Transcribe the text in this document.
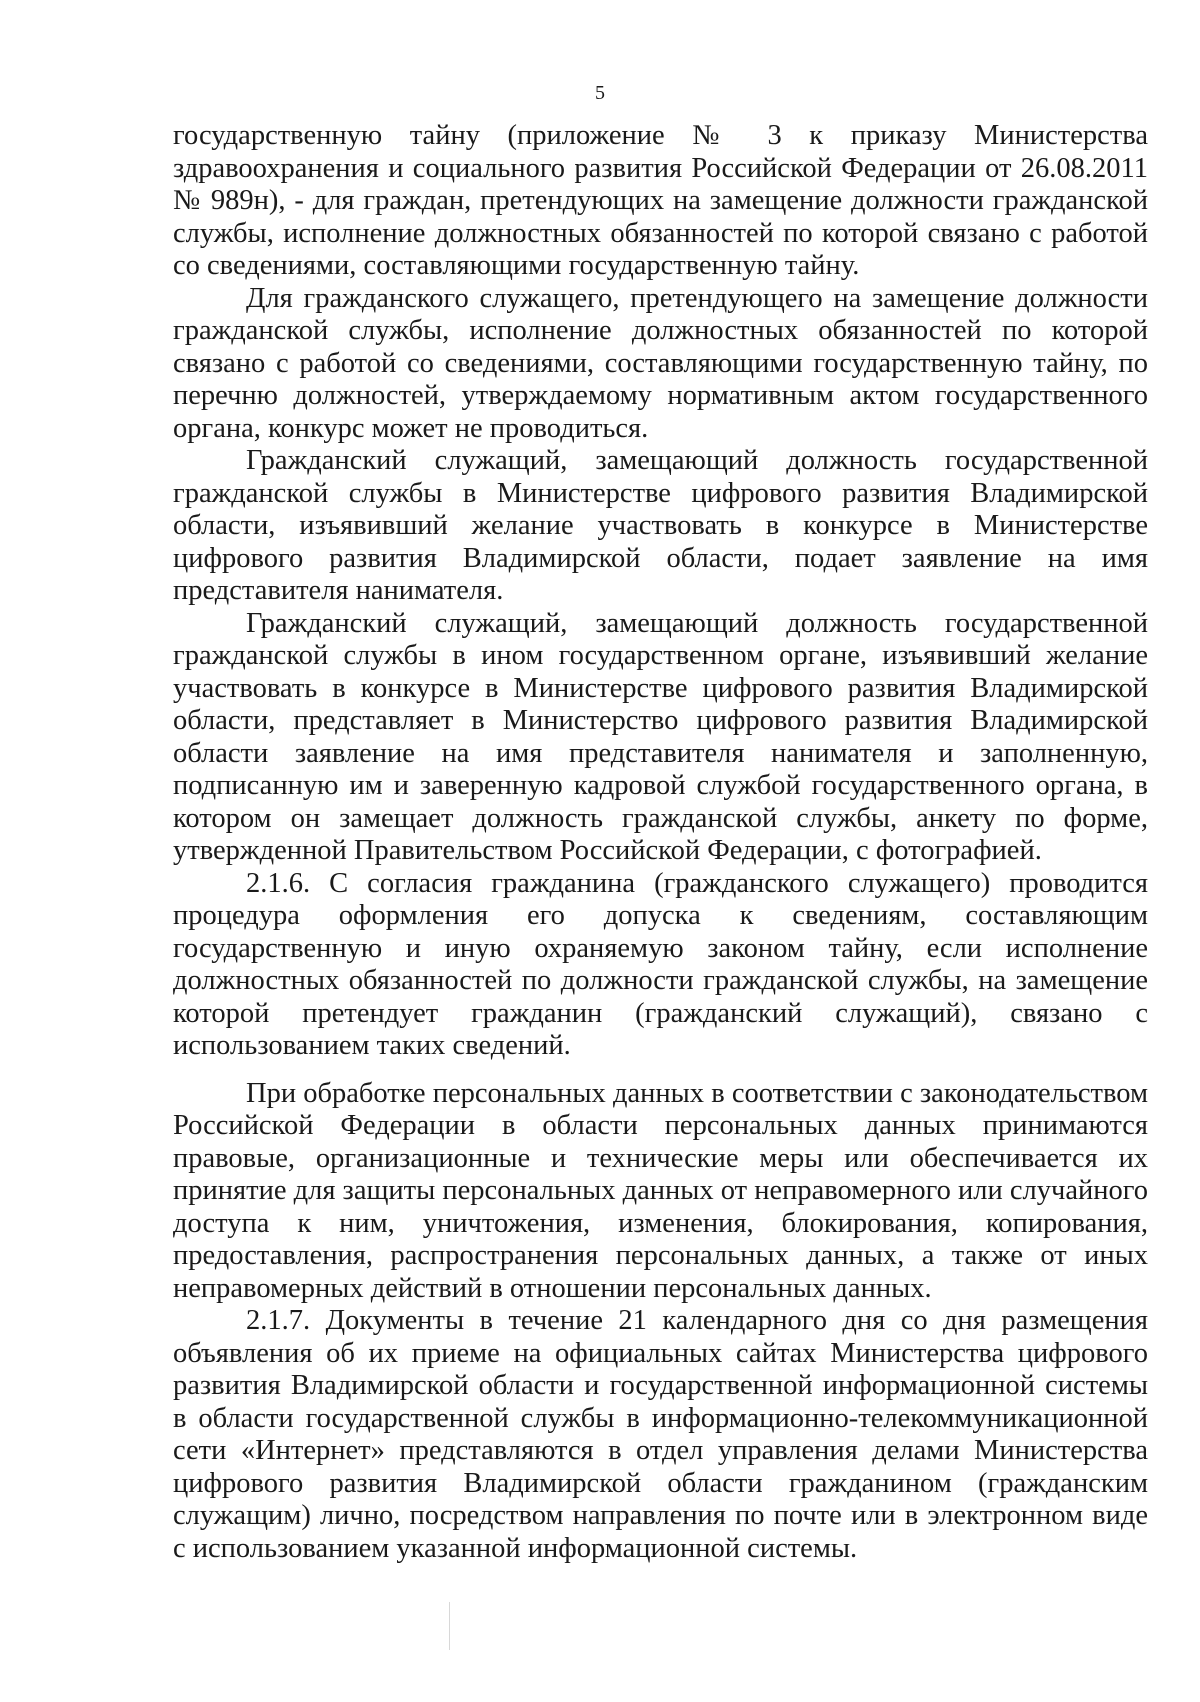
5

государственную тайну (приложение № 3 к приказу Министерства здравоохранения и социального развития Российской Федерации от 26.08.2011 № 989н), - для граждан, претендующих на замещение должности гражданской службы, исполнение должностных обязанностей по которой связано с работой со сведениями, составляющими государственную тайну.

Для гражданского служащего, претендующего на замещение должности гражданской службы, исполнение должностных обязанностей по которой связано с работой со сведениями, составляющими государственную тайну, по перечню должностей, утверждаемому нормативным актом государственного органа, конкурс может не проводиться.

Гражданский служащий, замещающий должность государственной гражданской службы в Министерстве цифрового развития Владимирской области, изъявивший желание участвовать в конкурсе в Министерстве цифрового развития Владимирской области, подает заявление на имя представителя нанимателя.

Гражданский служащий, замещающий должность государственной гражданской службы в ином государственном органе, изъявивший желание участвовать в конкурсе в Министерстве цифрового развития Владимирской области, представляет в Министерство цифрового развития Владимирской области заявление на имя представителя нанимателя и заполненную, подписанную им и заверенную кадровой службой государственного органа, в котором он замещает должность гражданской службы, анкету по форме, утвержденной Правительством Российской Федерации, с фотографией.

2.1.6. С согласия гражданина (гражданского служащего) проводится процедура оформления его допуска к сведениям, составляющим государственную и иную охраняемую законом тайну, если исполнение должностных обязанностей по должности гражданской службы, на замещение которой претендует гражданин (гражданский служащий), связано с использованием таких сведений.

При обработке персональных данных в соответствии с законодательством Российской Федерации в области персональных данных принимаются правовые, организационные и технические меры или обеспечивается их принятие для защиты персональных данных от неправомерного или случайного доступа к ним, уничтожения, изменения, блокирования, копирования, предоставления, распространения персональных данных, а также от иных неправомерных действий в отношении персональных данных.

2.1.7. Документы в течение 21 календарного дня со дня размещения объявления об их приеме на официальных сайтах Министерства цифрового развития Владимирской области и государственной информационной системы в области государственной службы в информационно-телекоммуникационной сети «Интернет» представляются в отдел управления делами Министерства цифрового развития Владимирской области гражданином (гражданским служащим) лично, посредством направления по почте или в электронном виде с использованием указанной информационной системы.
